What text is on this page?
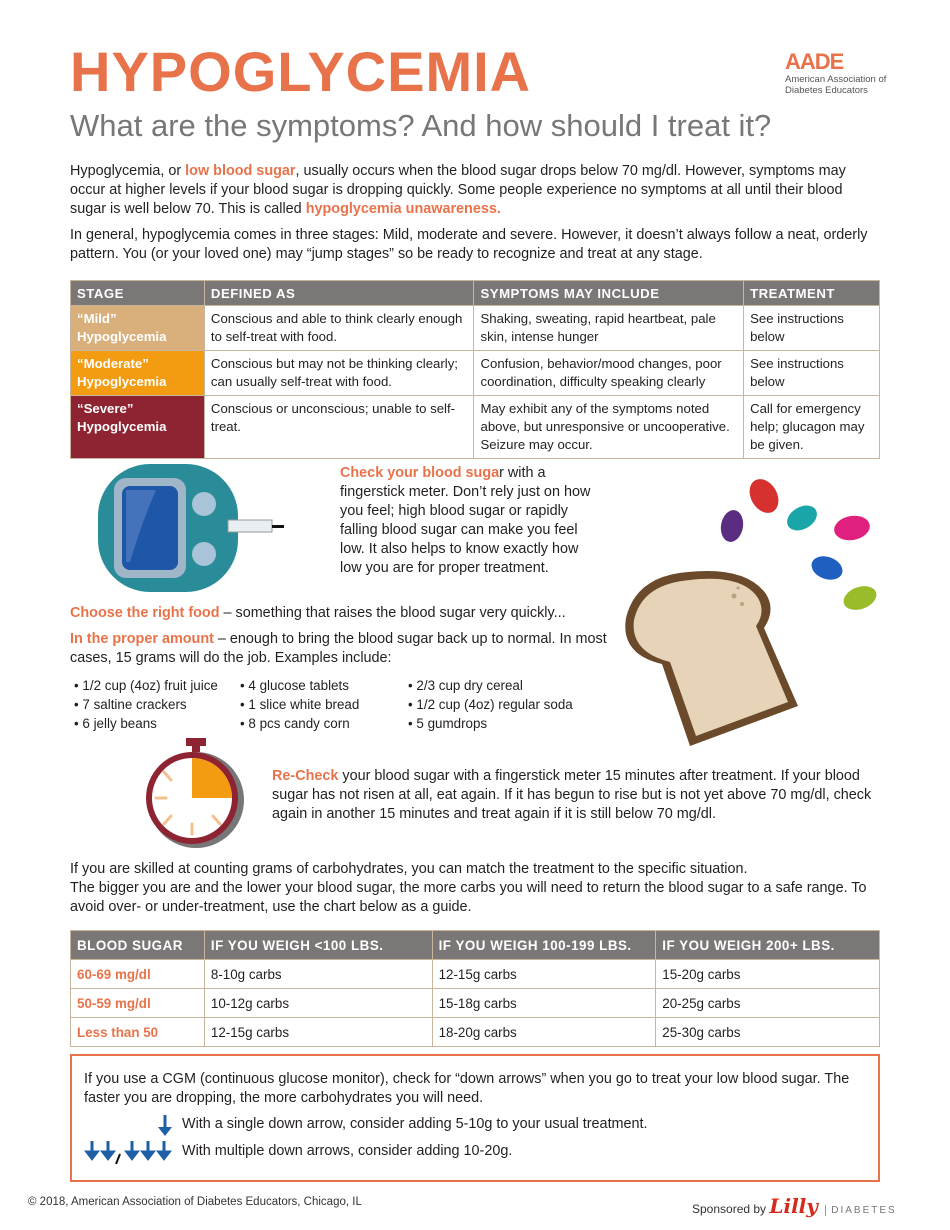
HYPOGLYCEMIA
What are the symptoms? And how should I treat it?
AADE
American Association of Diabetes Educators
Hypoglycemia, or low blood sugar, usually occurs when the blood sugar drops below 70 mg/dl. However, symptoms may occur at higher levels if your blood sugar is dropping quickly. Some people experience no symptoms at all until their blood sugar is well below 70. This is called hypoglycemia unawareness.
In general, hypoglycemia comes in three stages: Mild, moderate and severe. However, it doesn’t always follow a neat, orderly pattern. You (or your loved one) may “jump stages” so be ready to recognize and treat at any stage.
STAGE	DEFINED AS	SYMPTOMS MAY INCLUDE	TREATMENT
“Mild” Hypoglycemia	Conscious and able to think clearly enough to self-treat with food.	Shaking, sweating, rapid heartbeat, pale skin, intense hunger	See instructions below
“Moderate” Hypoglycemia	Conscious but may not be thinking clearly; can usually self-treat with food.	Confusion, behavior/mood changes, poor coordination, difficulty speaking clearly	See instructions below
“Severe” Hypoglycemia	Conscious or unconscious; unable to self-treat.	May exhibit any of the symptoms noted above, but unresponsive or uncooperative. Seizure may occur.	Call for emergency help; glucagon may be given.
Check your blood sugar with a fingerstick meter. Don’t rely just on how you feel; high blood sugar or rapidly falling blood sugar can make you feel low. It also helps to know exactly how low you are for proper treatment.
Choose the right food – something that raises the blood sugar very quickly...
In the proper amount – enough to bring the blood sugar back up to normal. In most cases, 15 grams will do the job. Examples include:
• 1/2 cup (4oz) fruit juice
• 7 saltine crackers
• 6 jelly beans
• 4 glucose tablets
• 1 slice white bread
• 8 pcs candy corn
• 2/3 cup dry cereal
• 1/2 cup (4oz) regular soda
• 5 gumdrops
Re-Check your blood sugar with a fingerstick meter 15 minutes after treatment. If your blood sugar has not risen at all, eat again. If it has begun to rise but is not yet above 70 mg/dl, check again in another 15 minutes and treat again if it is still below 70 mg/dl.
If you are skilled at counting grams of carbohydrates, you can match the treatment to the specific situation.
The bigger you are and the lower your blood sugar, the more carbs you will need to return the blood sugar to a safe range. To avoid over- or under-treatment, use the chart below as a guide.
BLOOD SUGAR	IF YOU WEIGH <100 LBS.	IF YOU WEIGH 100-199 LBS.	IF YOU WEIGH 200+ LBS.
60-69 mg/dl	8-10g carbs	12-15g carbs	15-20g carbs
50-59 mg/dl	10-12g carbs	15-18g carbs	20-25g carbs
Less than 50	12-15g carbs	18-20g carbs	25-30g carbs
If you use a CGM (continuous glucose monitor), check for “down arrows” when you go to treat your low blood sugar. The faster you are dropping, the more carbohydrates you will need.
With a single down arrow, consider adding 5-10g to your usual treatment.
With multiple down arrows, consider adding 10-20g.
© 2018, American Association of Diabetes Educators, Chicago, IL	Sponsored by Lilly DIABETES
